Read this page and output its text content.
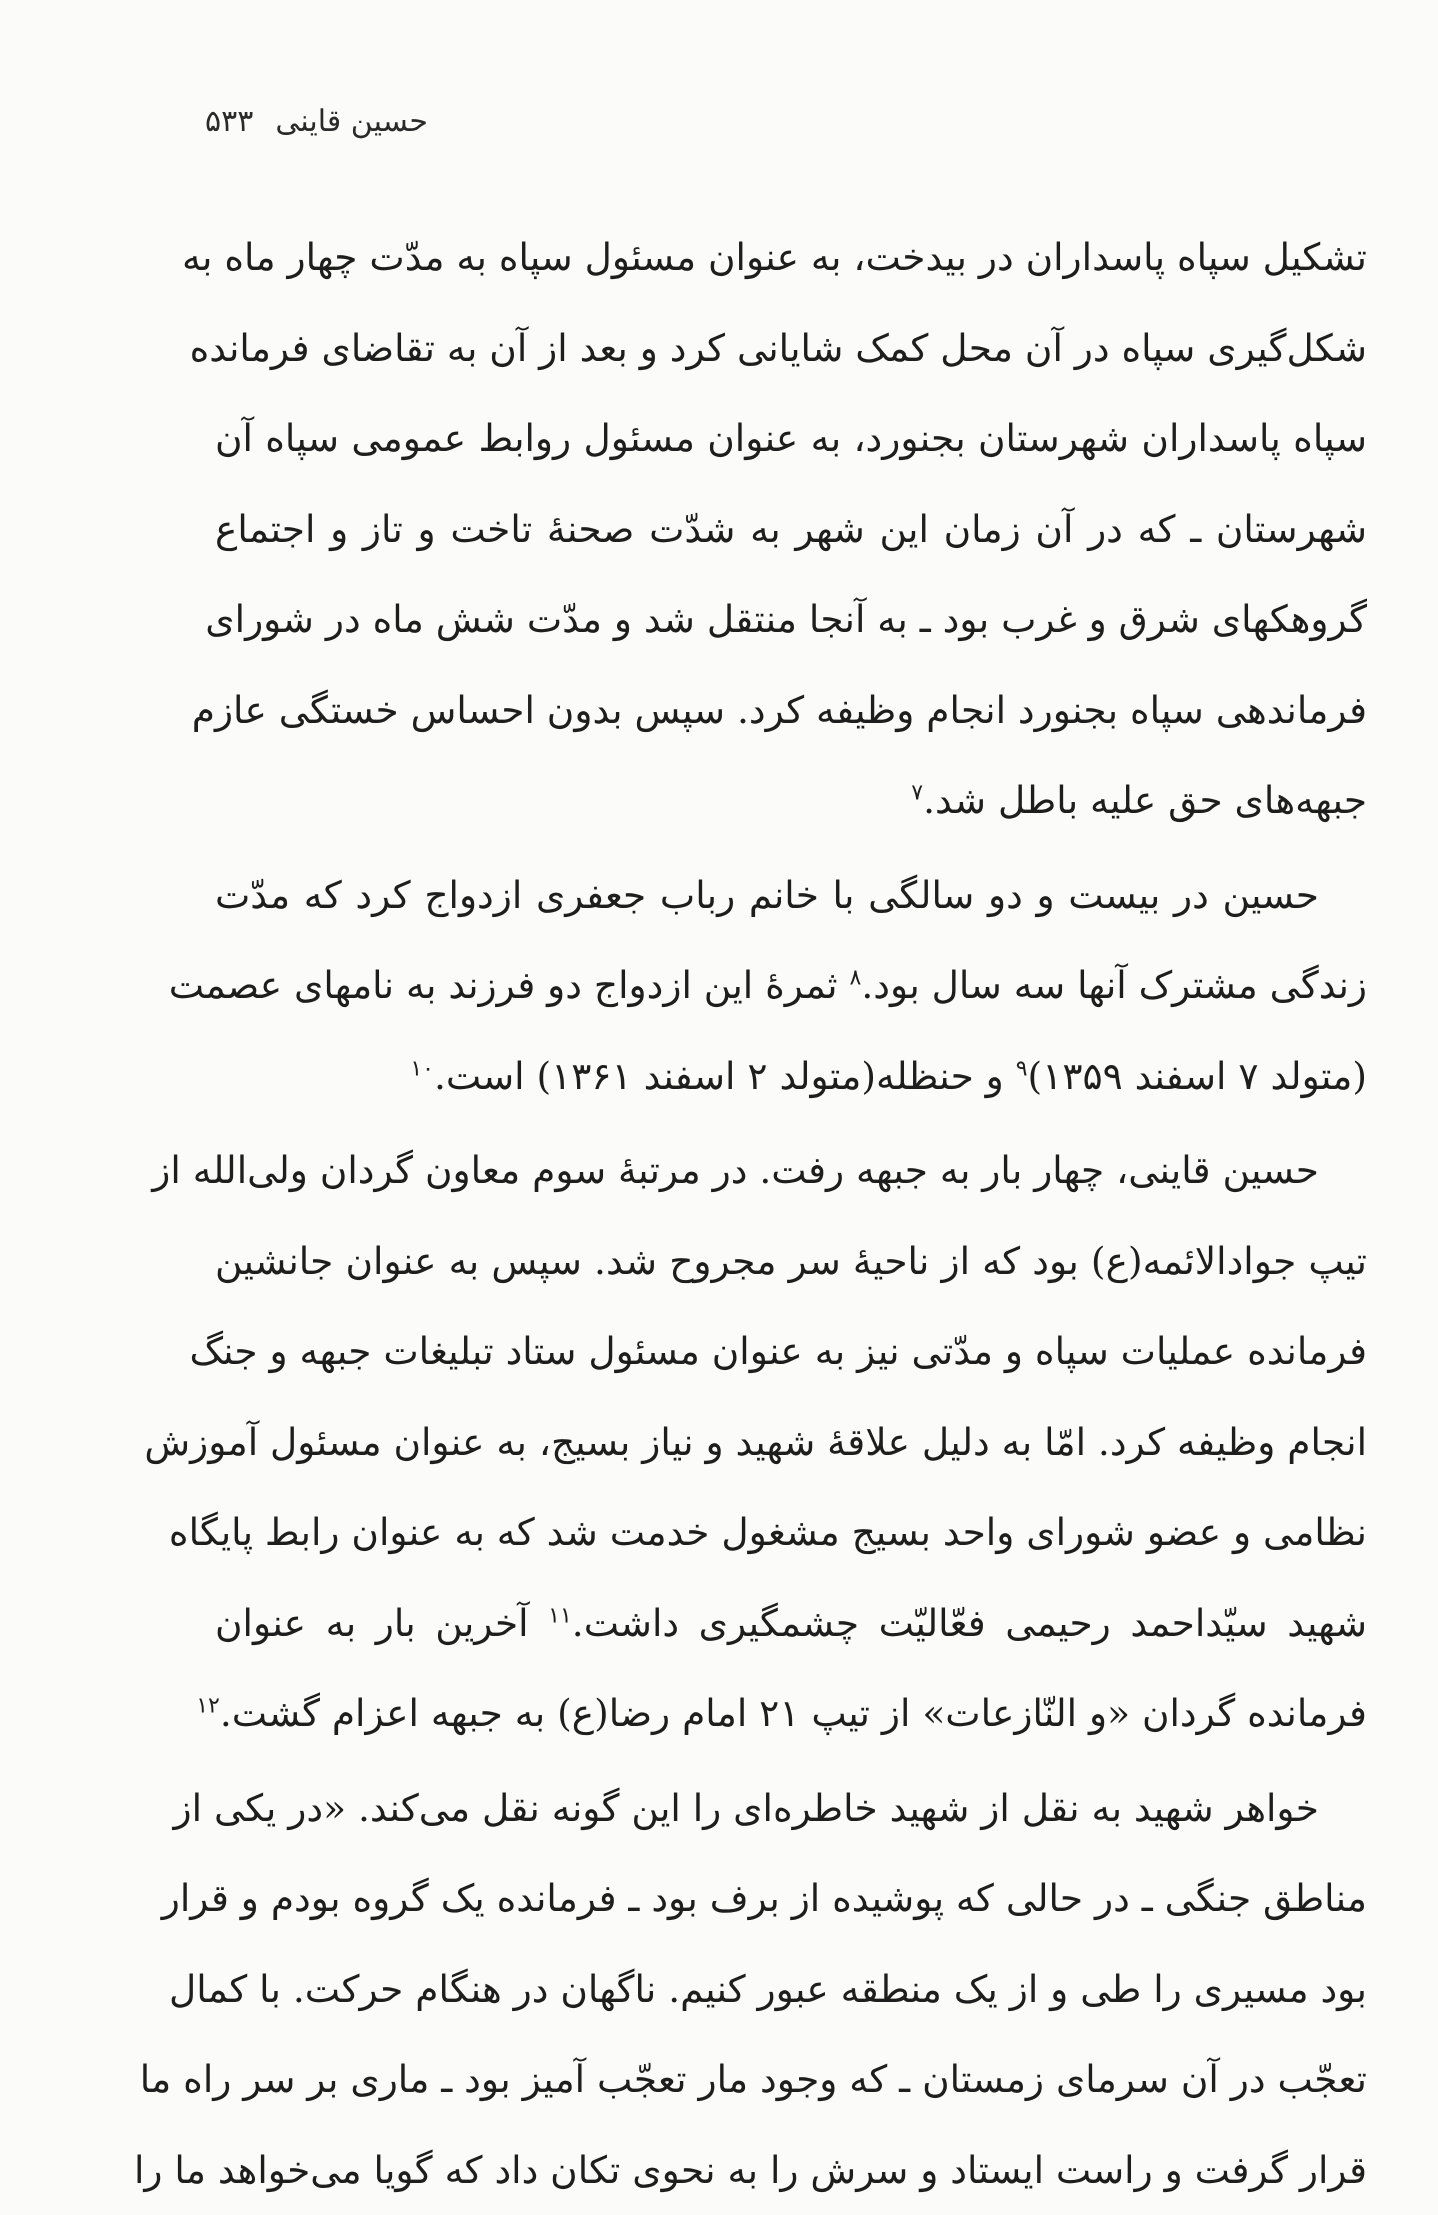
حسین قاینی۵۳۳
تشکیل سپاه پاسداران در بیدخت، به عنوان مسئول سپاه به مدّت چهار ماه به
شکل‌گیری سپاه در آن محل کمک شایانی کرد و بعد از آن به تقاضای فرمانده
سپاه پاسداران شهرستان بجنورد، به عنوان مسئول روابط عمومی سپاه آن
شهرستان ـ که در آن زمان این شهر به شدّت صحنهٔ تاخت و تاز و اجتماع
گروهکهای شرق و غرب بود ـ به آنجا منتقل شد و مدّت شش ماه در شورای
فرماندهی سپاه بجنورد انجام وظیفه کرد. سپس بدون احساس خستگی عازم
جبهه‌های حق علیه باطل شد.$^۷$
حسین در بیست و دو سالگی با خانم رباب جعفری ازدواج کرد که مدّت
زندگی مشترک آنها سه سال بود.$^۸$ ثمرهٔ این ازدواج دو فرزند به نامهای عصمت
(متولد ۷ اسفند ۱۳۵۹)$^۹$ و حنظله(متولد ۲ اسفند ۱۳۶۱) است.$^{۱۰}$
حسین قاینی، چهار بار به جبهه رفت. در مرتبهٔ سوم معاون گردان ولی‌الله از
تیپ جوادالائمه(ع) بود که از ناحیهٔ سر مجروح شد. سپس به عنوان جانشین
فرمانده عملیات سپاه و مدّتی نیز به عنوان مسئول ستاد تبلیغات جبهه و جنگ
انجام وظیفه کرد. امّا به دلیل علاقهٔ شهید و نیاز بسیج، به عنوان مسئول آموزش
نظامی و عضو شورای واحد بسیج مشغول خدمت شد که به عنوان رابط پایگاه
شهید سیّداحمد رحیمی فعّالیّت چشمگیری داشت.$^{۱۱}$ آخرین بار به عنوان
فرمانده گردان «و النّازعات» از تیپ ۲۱ امام رضا(ع) به جبهه اعزام گشت.$^{۱۲}$
خواهر شهید به نقل از شهید خاطره‌ای را این گونه نقل می‌کند. «در یکی از
مناطق جنگی ـ در حالی که پوشیده از برف بود ـ فرمانده یک گروه بودم و قرار
بود مسیری را طی و از یک منطقه عبور کنیم. ناگهان در هنگام حرکت. با کمال
تعجّب در آن سرمای زمستان ـ که وجود مار تعجّب آمیز بود ـ ماری بر سر راه ما
قرار گرفت و راست ایستاد و سرش را به نحوی تکان داد که گویا می‌خواهد ما را
